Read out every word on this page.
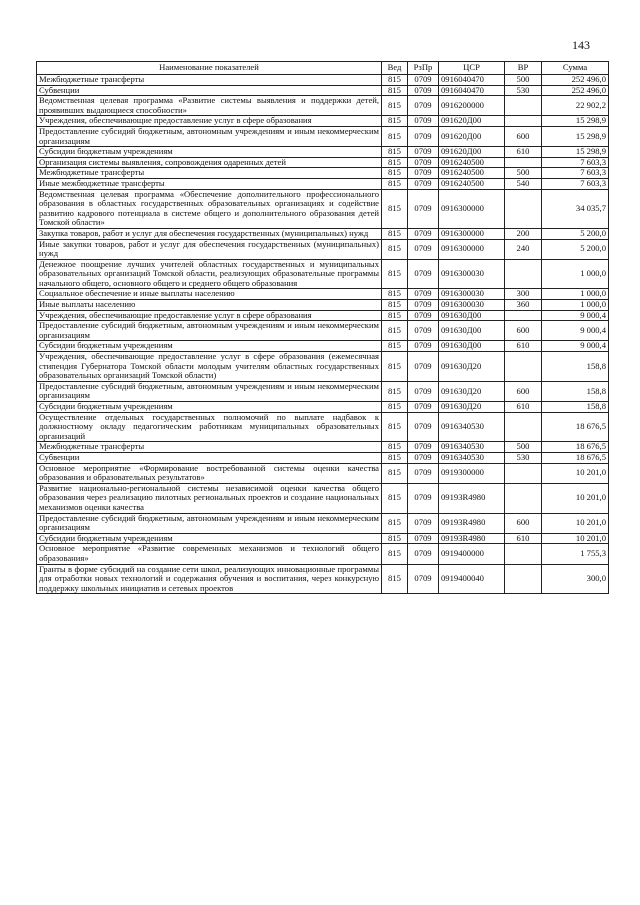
143
Наименование показателей	Вед	РзПр	ЦСР	ВР	Сумма
Межбюджетные трансферты	815	0709	0916040470	500	252 496,0
Субвенции	815	0709	0916040470	530	252 496,0
Ведомственная целевая программа «Развитие системы выявления и поддержки детей, проявивших выдающиеся способности»	815	0709	0916200000		22 902,2
Учреждения, обеспечивающие предоставление услуг в сфере образования	815	0709	091620Д00		15 298,9
Предоставление субсидий бюджетным, автономным учреждениям и иным некоммерческим организациям	815	0709	091620Д00	600	15 298,9
Субсидии бюджетным учреждениям	815	0709	091620Д00	610	15 298,9
Организация системы выявления, сопровождения одаренных детей	815	0709	0916240500		7 603,3
Межбюджетные трансферты	815	0709	0916240500	500	7 603,3
Иные межбюджетные трансферты	815	0709	0916240500	540	7 603,3
Ведомственная целевая программа «Обеспечение дополнительного профессионального образования в областных государственных образовательных организациях и содействие развитию кадрового потенциала в системе общего и дополнительного образования детей Томской области»	815	0709	0916300000		34 035,7
Закупка товаров, работ и услуг для обеспечения государственных (муниципальных) нужд	815	0709	0916300000	200	5 200,0
Иные закупки товаров, работ и услуг для обеспечения государственных (муниципальных) нужд	815	0709	0916300000	240	5 200,0
Денежное поощрение лучших учителей областных государственных и муниципальных образовательных организаций Томской области, реализующих образовательные программы начального общего, основного общего и среднего общего образования	815	0709	0916300030		1 000,0
Социальное обеспечение и иные выплаты населению	815	0709	0916300030	300	1 000,0
Иные выплаты населению	815	0709	0916300030	360	1 000,0
Учреждения, обеспечивающие предоставление услуг в сфере образования	815	0709	091630Д00		9 000,4
Предоставление субсидий бюджетным, автономным учреждениям и иным некоммерческим организациям	815	0709	091630Д00	600	9 000,4
Субсидии бюджетным учреждениям	815	0709	091630Д00	610	9 000,4
Учреждения, обеспечивающие предоставление услуг в сфере образования (ежемесячная стипендия Губернатора Томской области молодым учителям областных государственных образовательных организаций Томской области)	815	0709	091630Д20		158,8
Предоставление субсидий бюджетным, автономным учреждениям и иным некоммерческим организациям	815	0709	091630Д20	600	158,8
Субсидии бюджетным учреждениям	815	0709	091630Д20	610	158,8
Осуществление отдельных государственных полномочий по выплате надбавок к должностному окладу педагогическим работникам муниципальных образовательных организаций	815	0709	0916340530		18 676,5
Межбюджетные трансферты	815	0709	0916340530	500	18 676,5
Субвенции	815	0709	0916340530	530	18 676,5
Основное мероприятие «Формирование востребованной системы оценки качества образования и образовательных результатов»	815	0709	0919300000		10 201,0
Развитие национально-региональной системы независимой оценки качества общего образования через реализацию пилотных региональных проектов и создание национальных механизмов оценки качества	815	0709	09193R4980		10 201,0
Предоставление субсидий бюджетным, автономным учреждениям и иным некоммерческим организациям	815	0709	09193R4980	600	10 201,0
Субсидии бюджетным учреждениям	815	0709	09193R4980	610	10 201,0
Основное мероприятие «Развитие современных механизмов и технологий общего образования»	815	0709	0919400000		1 755,3
Гранты в форме субсидий на создание сети школ, реализующих инновационные программы для отработки новых технологий и содержания обучения и воспитания, через конкурсную поддержку школьных инициатив и сетевых проектов	815	0709	0919400040		300,0
